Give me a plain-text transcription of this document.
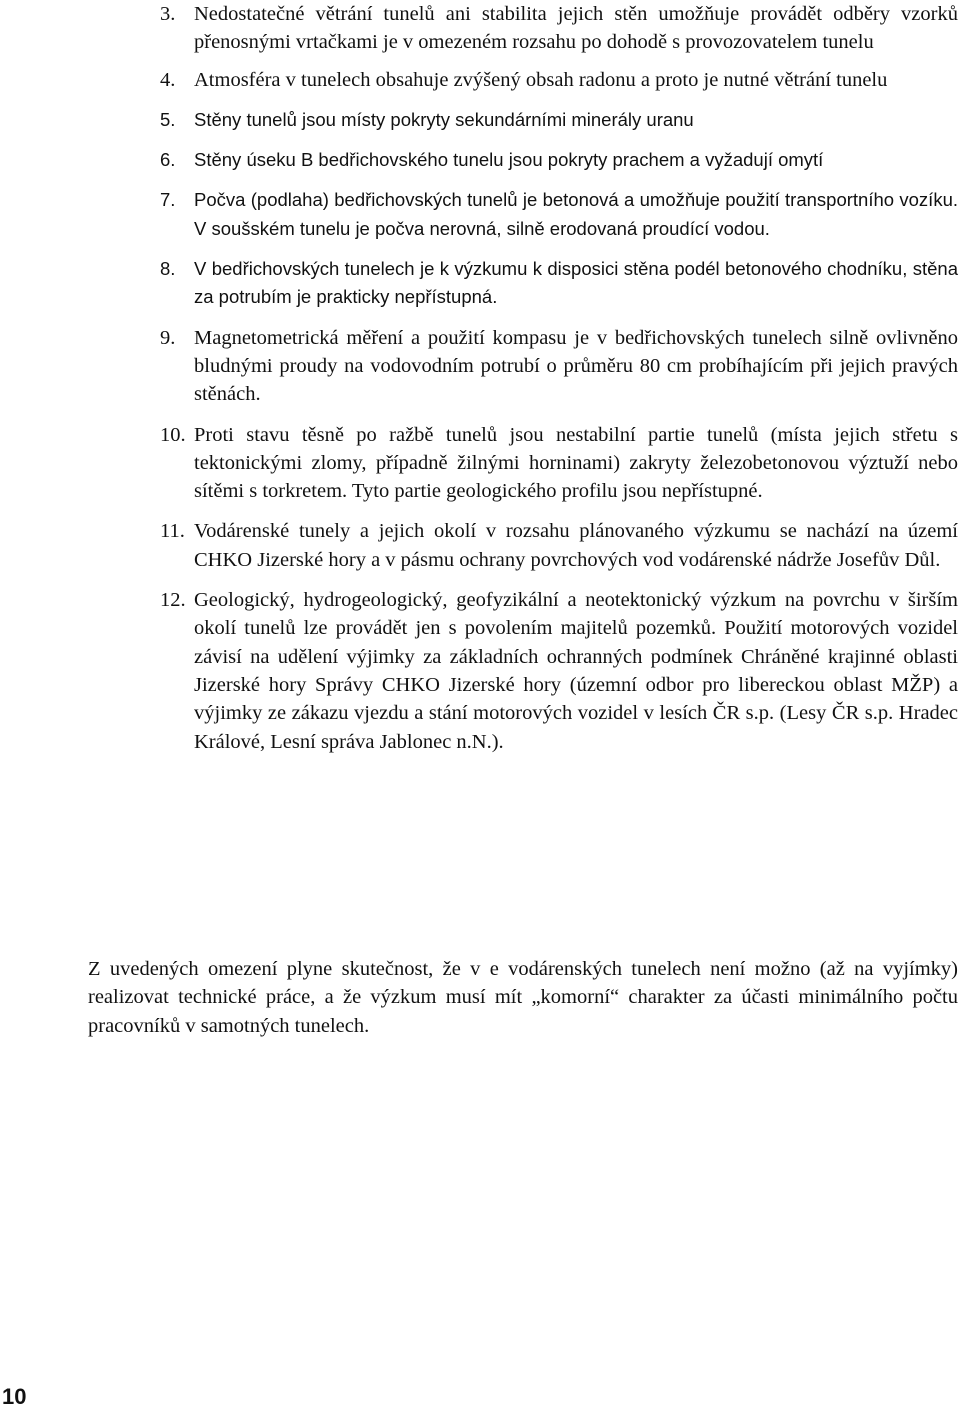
3. Nedostatečné větrání tunelů ani stabilita jejich stěn umožňuje provádět odběry vzorků přenosnými vrtačkami je v omezeném rozsahu po dohodě s provozovatelem tunelu
4. Atmosféra v tunelech obsahuje zvýšený obsah radonu a proto je nutné větrání tunelu
5.	Stěny tunelů jsou místy pokryty sekundárními minerály uranu
6.	Stěny úseku B bedřichovského tunelu jsou pokryty prachem a vyžadují omytí
7.	Počva (podlaha) bedřichovských tunelů je betonová a umožňuje použití transportního vozíku. V soušském tunelu je počva nerovná, silně erodovaná proudící vodou.
8.	V bedřichovských tunelech je k výzkumu k disposici stěna podél betonového chodníku, stěna za potrubím je prakticky nepřístupná.
9. Magnetometrická měření a použití kompasu je v bedřichovských tunelech silně ovlivněno bludnými proudy na vodovodním potrubí o průměru 80 cm probíhajícím při jejich pravých stěnách.
10. Proti stavu těsně po ražbě tunelů jsou nestabilní partie tunelů (místa jejich střetu s tektonickými zlomy, případně žilnými horninami) zakryty železobetonovou výztuží nebo sítěmi s torkretem. Tyto partie geologického profilu jsou nepřístupné.
11. Vodárenské tunely a jejich okolí v rozsahu plánovaného výzkumu se nachází na území CHKO Jizerské hory a v pásmu ochrany povrchových vod vodárenské nádrže Josefův Důl.
12. Geologický, hydrogeologický, geofyzikální a neotektonický výzkum na povrchu v širším okolí tunelů lze provádět jen s povolením majitelů pozemků. Použití motorových vozidel závisí na udělení výjimky za základních ochranných podmínek Chráněné krajinné oblasti Jizerské hory Správy CHKO Jizerské hory (územní odbor pro libereckou oblast MŽP) a výjimky ze zákazu vjezdu a stání motorových vozidel v lesích ČR s.p. (Lesy ČR s.p. Hradec Králové, Lesní správa Jablonec n.N.).

Z uvedených omezení plyne skutečnost, že v e vodárenských tunelech není možno (až na vyjímky) realizovat technické práce, a že výzkum musí mít „komorní“ charakter za účasti minimálního počtu pracovníků v samotných tunelech.

10
